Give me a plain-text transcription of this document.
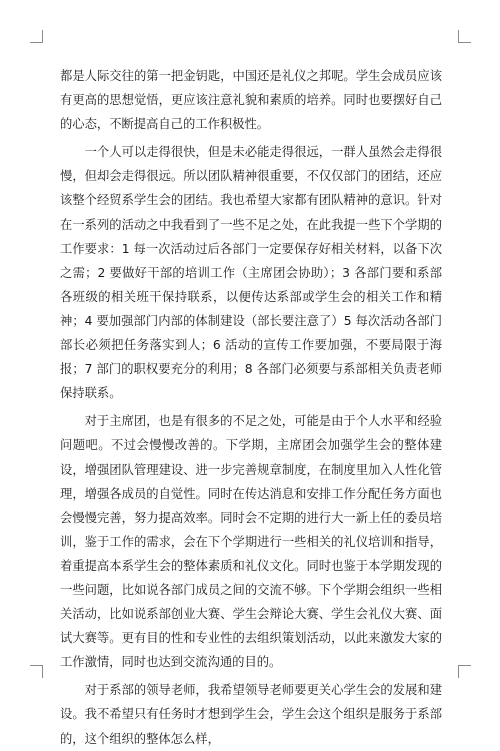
都是人际交往的第一把金钥匙，中国还是礼仪之邦呢。学生会成员应该有更高的思想觉悟，更应该注意礼貌和素质的培养。同时也要摆好自己的心态，不断提高自己的工作积极性。

一个人可以走得很快，但是未必能走得很远，一群人虽然会走得很慢，但却会走得很远。所以团队精神很重要，不仅仅部门的团结，还应该整个经贸系学生会的团结。我也希望大家都有团队精神的意识。针对在一系列的活动之中我看到了一些不足之处，在此我提一些下个学期的工作要求：1 每一次活动过后各部门一定要保存好相关材料，以备下次之需；2 要做好干部的培训工作（主席团会协助）；3 各部门要和系部各班级的相关班干保持联系，以便传达系部或学生会的相关工作和精神；4 要加强部门内部的体制建设（部长要注意了）5 每次活动各部门部长必须把任务落实到人；6 活动的宣传工作要加强，不要局限于海报；7 部门的职权要充分的利用；8 各部门必须要与系部相关负责老师保持联系。

对于主席团，也是有很多的不足之处，可能是由于个人水平和经验问题吧。不过会慢慢改善的。下学期，主席团会加强学生会的整体建设，增强团队管理建设、进一步完善规章制度，在制度里加入人性化管理，增强各成员的自觉性。同时在传达消息和安排工作分配任务方面也会慢慢完善，努力提高效率。同时会不定期的进行大一新上任的委员培训，鉴于工作的需求，会在下个学期进行一些相关的礼仪培训和指导，着重提高本系学生会的整体素质和礼仪文化。同时也鉴于本学期发现的一些问题，比如说各部门成员之间的交流不够。下个学期会组织一些相关活动，比如说系部创业大赛、学生会辩论大赛、学生会礼仪大赛、面试大赛等。更有目的性和专业性的去组织策划活动，以此来激发大家的工作激情，同时也达到交流沟通的目的。

对于系部的领导老师，我希望领导老师要更关心学生会的发展和建设。我不希望只有任务时才想到学生会，学生会这个组织是服务于系部的，这个组织的整体怎么样，
